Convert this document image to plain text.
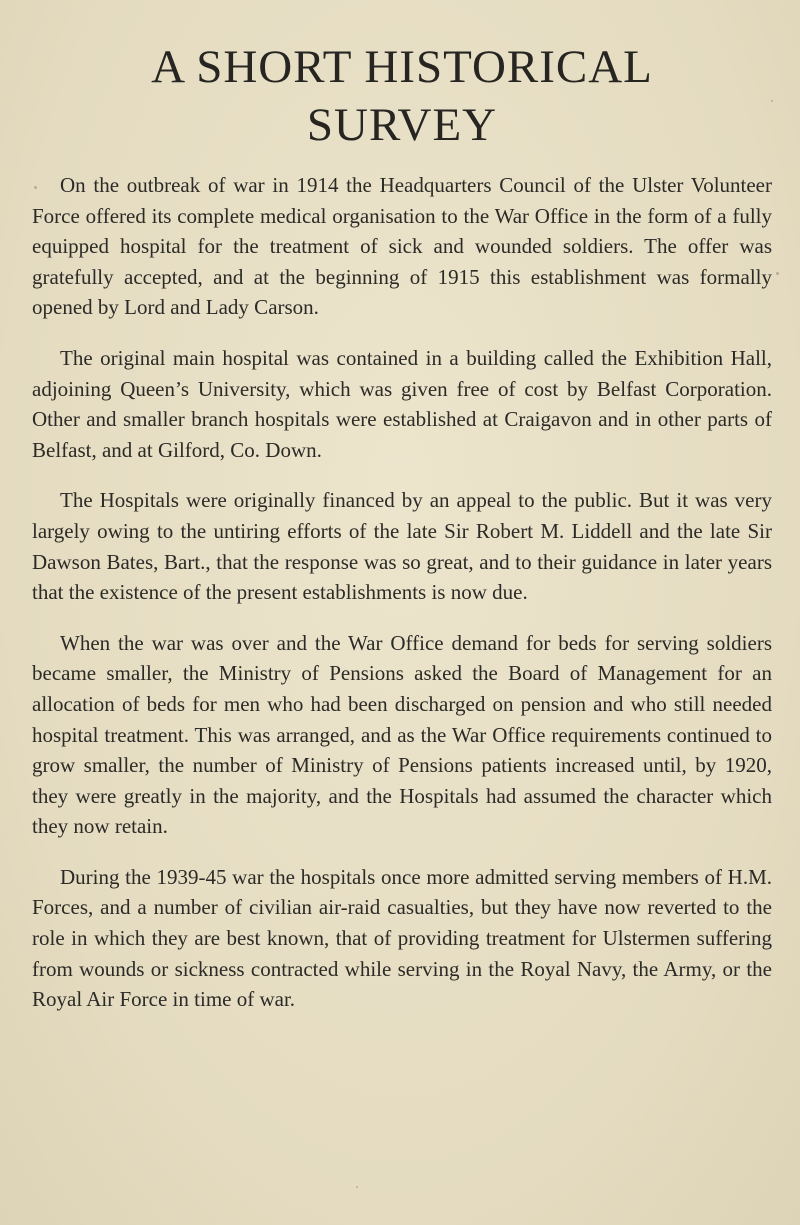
A SHORT HISTORICAL
SURVEY

On the outbreak of war in 1914 the Headquarters Council of the Ulster Volunteer Force offered its complete medical organisation to the War Office in the form of a fully equipped hospital for the treatment of sick and wounded soldiers. The offer was gratefully accepted, and at the beginning of 1915 this establishment was formally opened by Lord and Lady Carson.

The original main hospital was contained in a building called the Exhibition Hall, adjoining Queen’s University, which was given free of cost by Belfast Corporation. Other and smaller branch hospitals were established at Craigavon and in other parts of Belfast, and at Gilford, Co. Down.

The Hospitals were originally financed by an appeal to the public. But it was very largely owing to the untiring efforts of the late Sir Robert M. Liddell and the late Sir Dawson Bates, Bart., that the response was so great, and to their guidance in later years that the existence of the present establishments is now due.

When the war was over and the War Office demand for beds for serving soldiers became smaller, the Ministry of Pensions asked the Board of Management for an allocation of beds for men who had been discharged on pension and who still needed hospital treatment. This was arranged, and as the War Office requirements continued to grow smaller, the number of Ministry of Pensions patients increased until, by 1920, they were greatly in the majority, and the Hospitals had assumed the character which they now retain.

During the 1939-45 war the hospitals once more admitted serving members of H.M. Forces, and a number of civilian air-raid casualties, but they have now reverted to the role in which they are best known, that of providing treatment for Ulstermen suffering from wounds or sickness contracted while serving in the Royal Navy, the Army, or the Royal Air Force in time of war.
